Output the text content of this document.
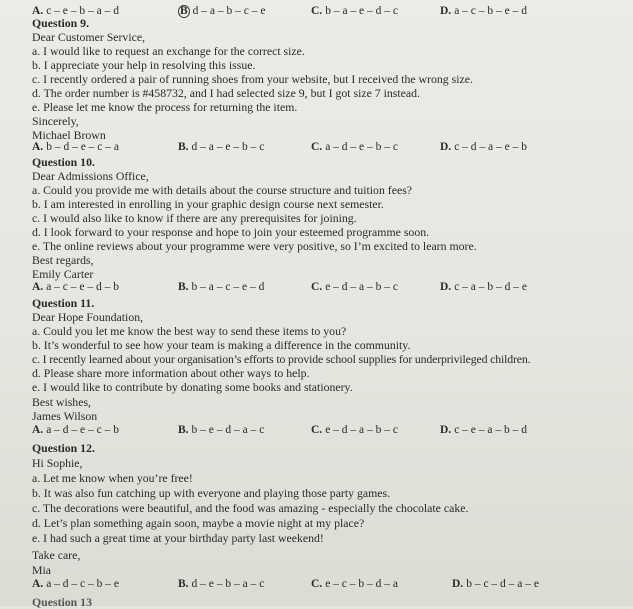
A. c – e – b – a – d	B d – a – b – c – e	C. b – a – e – d – c	D. a – c – b – e – d
Question 9.
Dear Customer Service,
a. I would like to request an exchange for the correct size.
b. I appreciate your help in resolving this issue.
c. I recently ordered a pair of running shoes from your website, but I received the wrong size.
d. The order number is #458732, and I had selected size 9, but I got size 7 instead.
e. Please let me know the process for returning the item.
Sincerely,
Michael Brown
A. b – d – e – c – a	B. d – a – e – b – c	C. a – d – e – b – c	D. c – d – a – e – b
Question 10.
Dear Admissions Office,
a. Could you provide me with details about the course structure and tuition fees?
b. I am interested in enrolling in your graphic design course next semester.
c. I would also like to know if there are any prerequisites for joining.
d. I look forward to your response and hope to join your esteemed programme soon.
e. The online reviews about your programme were very positive, so I’m excited to learn more.
Best regards,
Emily Carter
A. a – c – e – d – b	B. b – a – c – e – d	C. e – d – a – b – c	D. c – a – b – d – e
Question 11.
Dear Hope Foundation,
a. Could you let me know the best way to send these items to you?
b. It’s wonderful to see how your team is making a difference in the community.
c. I recently learned about your organisation’s efforts to provide school supplies for underprivileged children.
d. Please share more information about other ways to help.
e. I would like to contribute by donating some books and stationery.
Best wishes,
James Wilson
A. a – d – e – c – b	B. b – e – d – a – c	C. e – d – a – b – c	D. c – e – a – b – d
Question 12.
Hi Sophie,
a. Let me know when you’re free!
b. It was also fun catching up with everyone and playing those party games.
c. The decorations were beautiful, and the food was amazing - especially the chocolate cake.
d. Let’s plan something again soon, maybe a movie night at my place?
e. I had such a great time at your birthday party last weekend!
Take care,
Mia
A. a – d – c – b – e	B. d – e – b – a – c	C. e – c – b – d – a	D. b – c – d – a – e
Question 13
